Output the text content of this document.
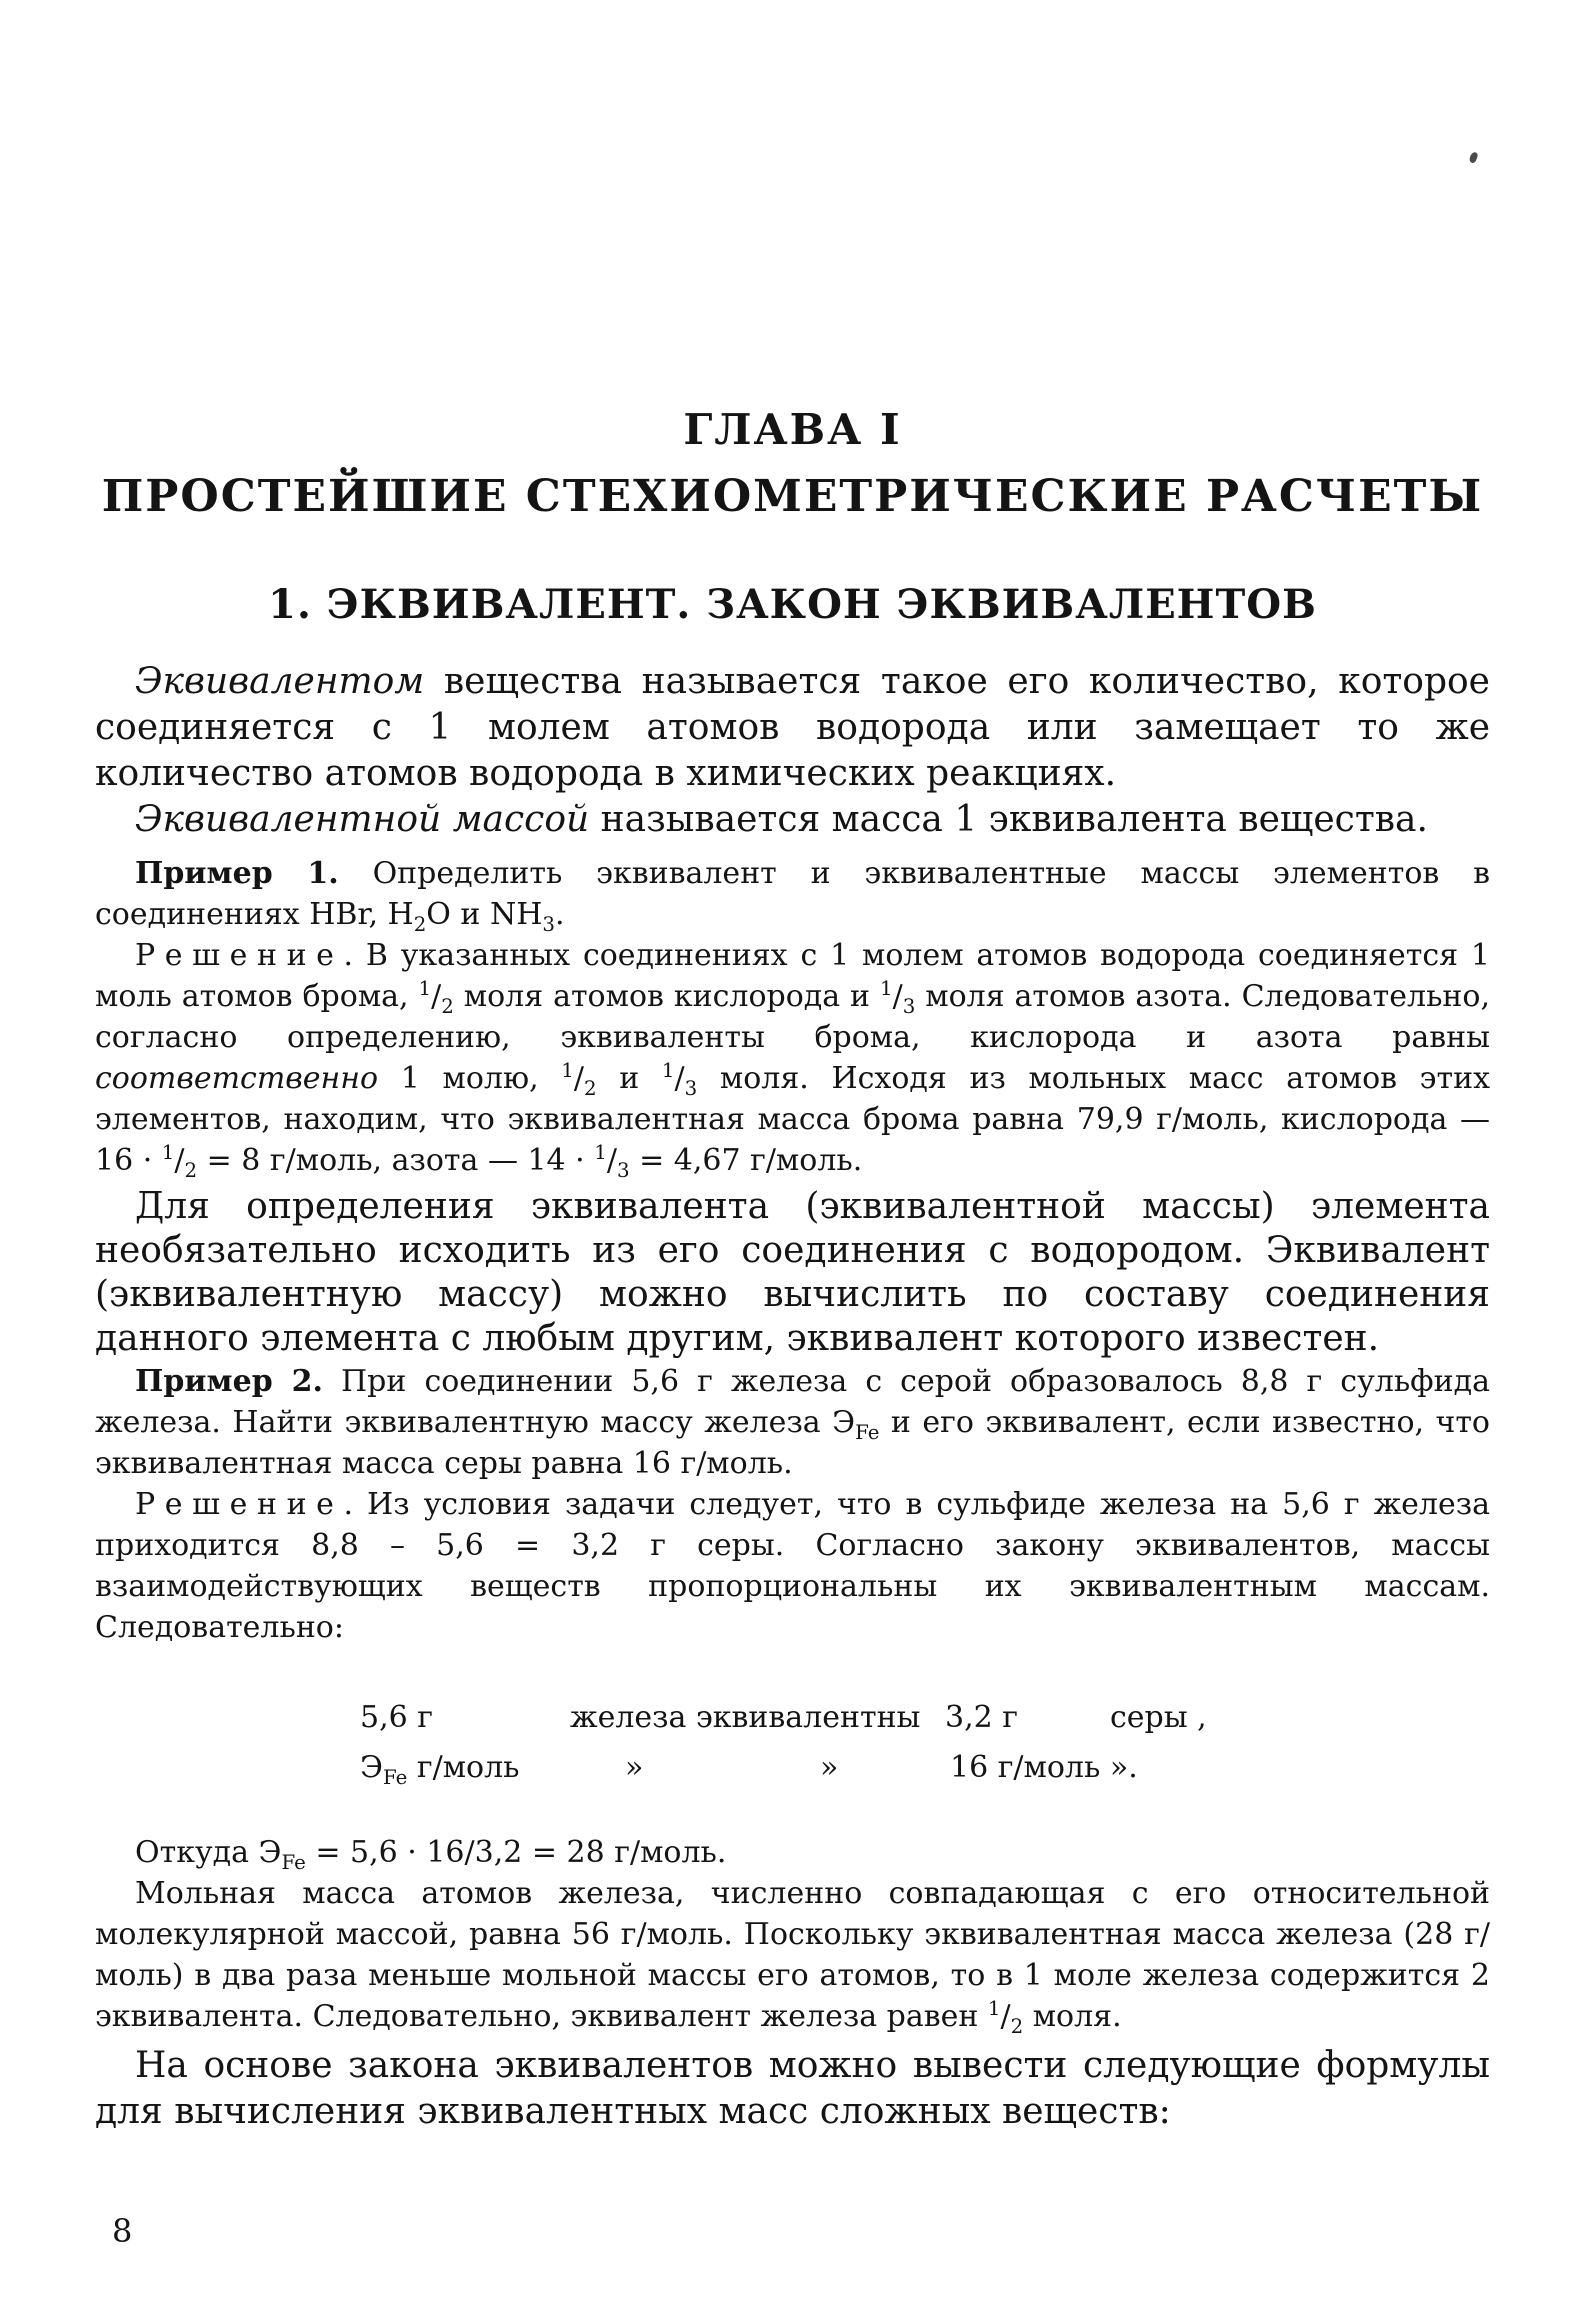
ГЛАВА I
ПРОСТЕЙШИЕ СТЕХИОМЕТРИЧЕСКИЕ РАСЧЕТЫ
1. ЭКВИВАЛЕНТ. ЗАКОН ЭКВИВАЛЕНТОВ

Эквивалентом вещества называется такое его количество, которое соединяется с 1 молем атомов водорода или замещает то же количество атомов водорода в химических реакциях.

Эквивалентной массой называется масса 1 эквивалента вещества.

Пример 1. Определить эквивалент и эквивалентные массы элементов в соединениях HBr, $H_2O$ и $NH_3$.

Решение. В указанных соединениях с 1 молем атомов водорода соединяется 1 моль атомов брома, $^1/_2$ моля атомов кислорода и $^1/_3$ моля атомов азота. Следовательно, согласно определению, эквиваленты брома, кислорода и азота равны соответственно 1 молю, $^1/_2$ и $^1/_3$ моля. Исходя из мольных масс атомов этих элементов, находим, что эквивалентная масса брома равна 79,9 г/моль, кислорода — $16 \cdot ^1/_2 = 8$ г/моль, азота — $14 \cdot ^1/_3 = 4,67$ г/моль.

Для определения эквивалента (эквивалентной массы) элемента необязательно исходить из его соединения с водородом. Эквивалент (эквивалентную массу) можно вычислить по составу соединения данного элемента с любым другим, эквивалент которого известен.

Пример 2. При соединении 5,6 г железа с серой образовалось 8,8 г сульфида железа. Найти эквивалентную массу железа $Э_{Fe}$ и его эквивалент, если известно, что эквивалентная масса серы равна 16 г/моль.

Решение. Из условия задачи следует, что в сульфиде железа на 5,6 г железа приходится 8,8 – 5,6 = 3,2 г серы. Согласно закону эквивалентов, массы взаимодействующих веществ пропорциональны их эквивалентным массам. Следовательно:

5,6 г	железа эквивалентны 3,2 г	серы ,
$Э_{Fe}$ г/моль	»	»	16 г/моль ».

Откуда $Э_{Fe} = 5,6 \cdot 16/3,2 = 28$ г/моль.

Мольная масса атомов железа, численно совпадающая с его относительной молекулярной массой, равна 56 г/моль. Поскольку эквивалентная масса железа (28 г/моль) в два раза меньше мольной массы его атомов, то в 1 моле железа содержится 2 эквивалента. Следовательно, эквивалент железа равен $^1/_2$ моля.

На основе закона эквивалентов можно вывести следующие формулы для вычисления эквивалентных масс сложных веществ:

8
